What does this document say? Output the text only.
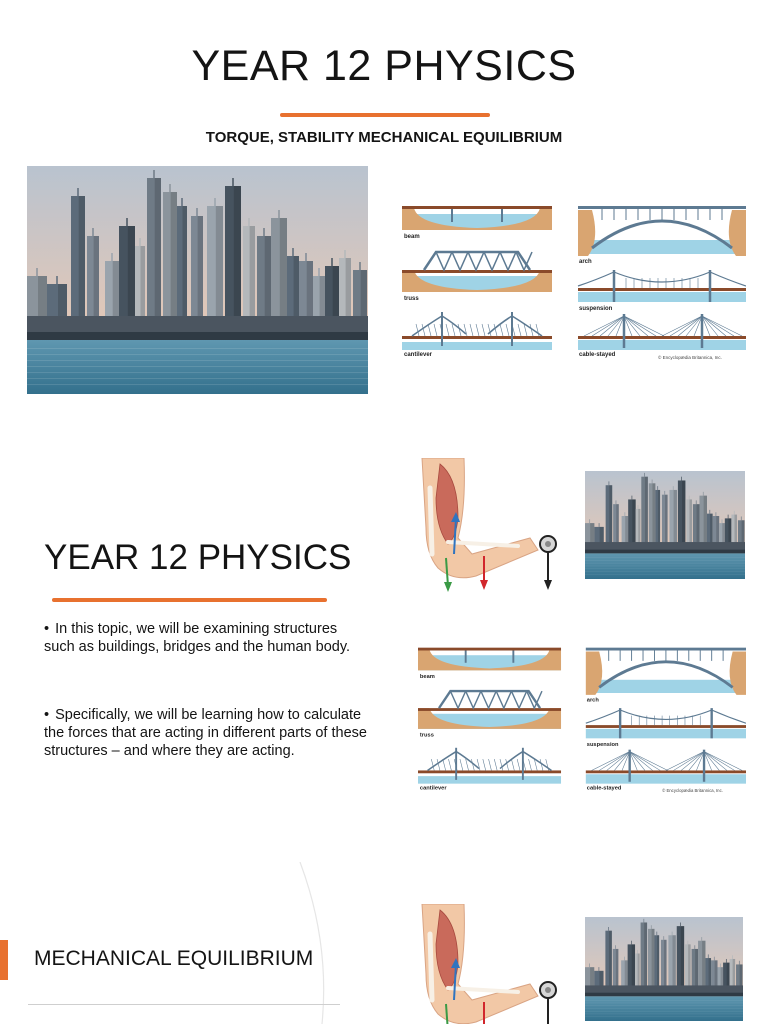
YEAR 12 PHYSICS
TORQUE, STABILITY MECHANICAL EQUILIBRIUM
beam
arch
truss
suspension
cantilever	cable-stayed	© Encyclopædia Britannica, Inc.
YEAR 12 PHYSICS

• In this topic, we will be examining structures such as buildings, bridges and the human body.

• Specifically, we will be learning how to calculate the forces that are acting in different parts of these structures – and where they are acting.

beam
arch
truss
suspension
cantilever	cable-stayed	© Encyclopædia Britannica, Inc.
MECHANICAL EQUILIBRIUM
